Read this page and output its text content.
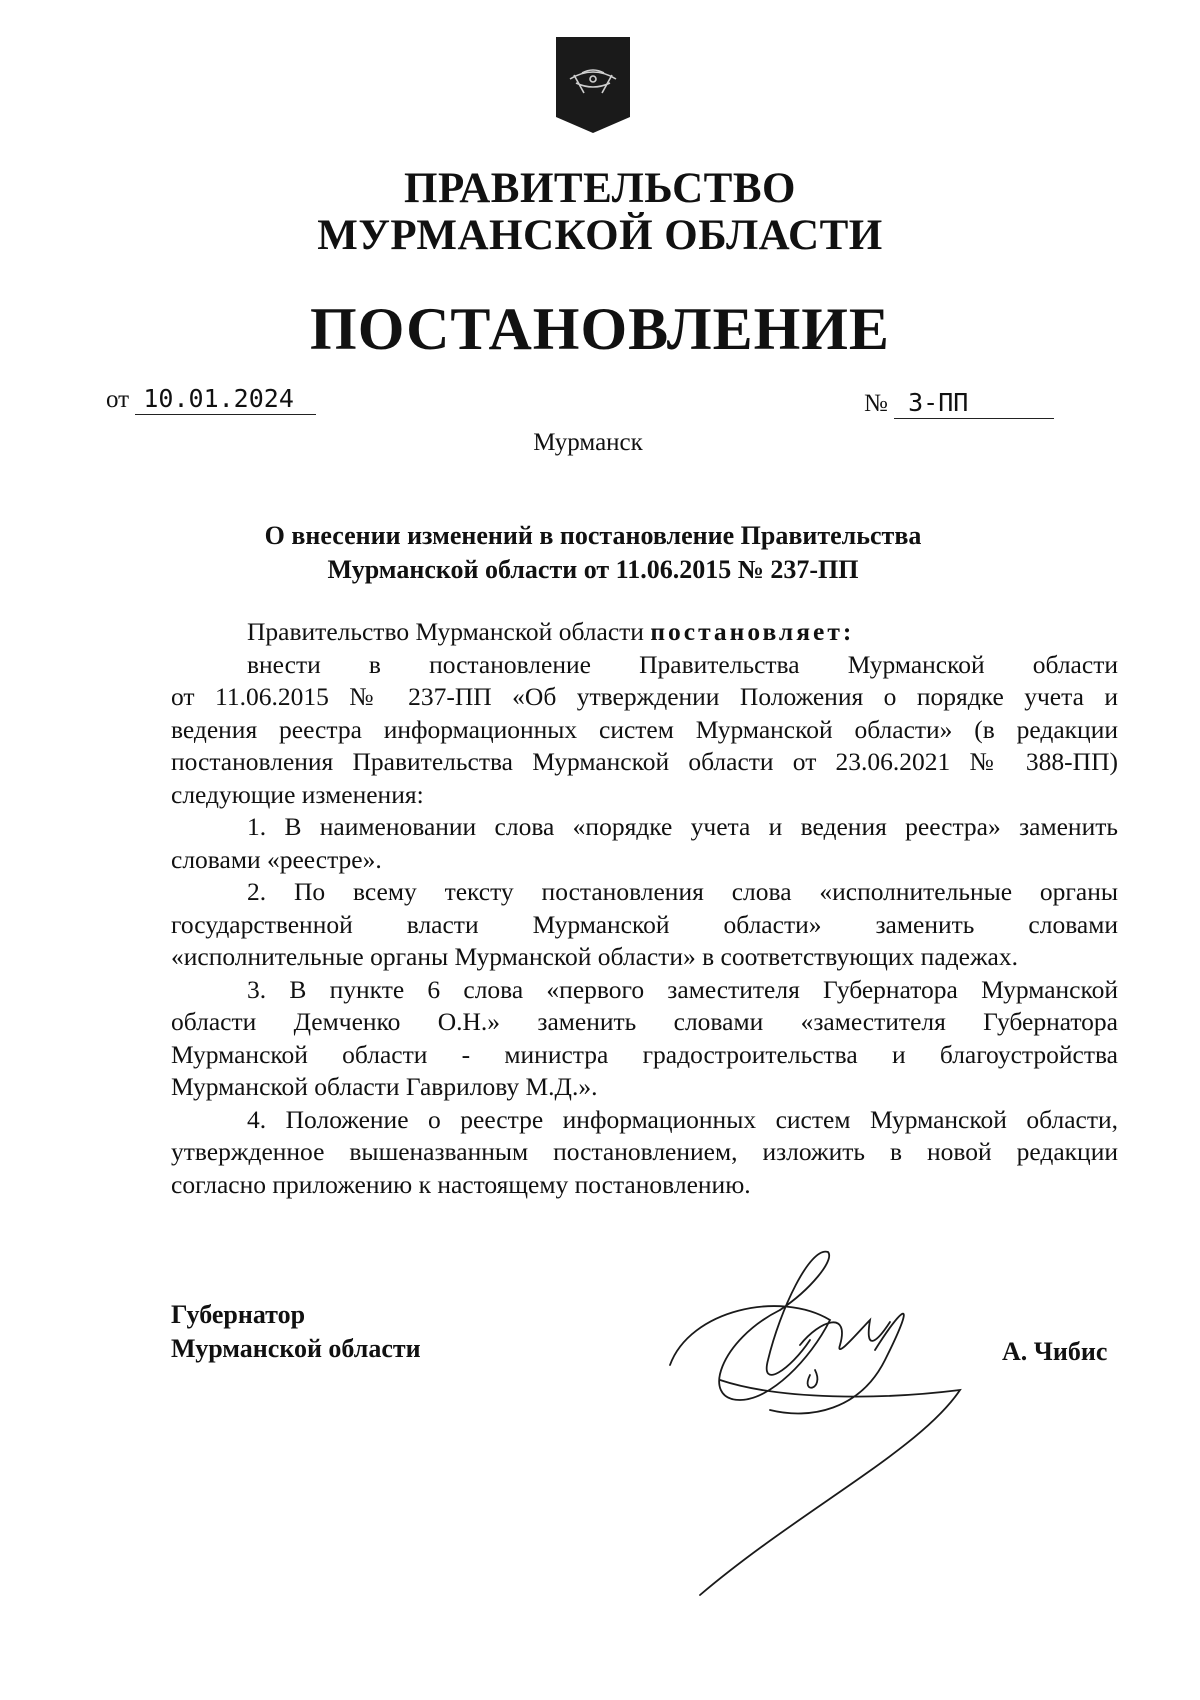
ПРАВИТЕЛЬСТВО
МУРМАНСКОЙ ОБЛАСТИ
ПОСТАНОВЛЕНИЕ
от 10.01.2024	№ 3-ПП
Мурманск
О внесении изменений в постановление Правительства
Мурманской области от 11.06.2015 № 237-ПП

Правительство Мурманской области постановляет:

внести в постановление Правительства Мурманской области

от 11.06.2015 № 237-ПП «Об утверждении Положения о порядке учета и

ведения реестра информационных систем Мурманской области» (в редакции

постановления Правительства Мурманской области от 23.06.2021 № 388-ПП)

следующие изменения:

1. В наименовании слова «порядке учета и ведения реестра» заменить

словами «реестре».

2. По всему тексту постановления слова «исполнительные органы

государственной власти Мурманской области» заменить словами

«исполнительные органы Мурманской области» в соответствующих падежах.

3. В пункте 6 слова «первого заместителя Губернатора Мурманской

области Демченко О.Н.» заменить словами «заместителя Губернатора

Мурманской области - министра градостроительства и благоустройства

Мурманской области Гаврилову М.Д.».

4. Положение о реестре информационных систем Мурманской области,

утвержденное вышеназванным постановлением, изложить в новой редакции

согласно приложению к настоящему постановлению.

Губернатор
Мурманской области	А. Чибис
